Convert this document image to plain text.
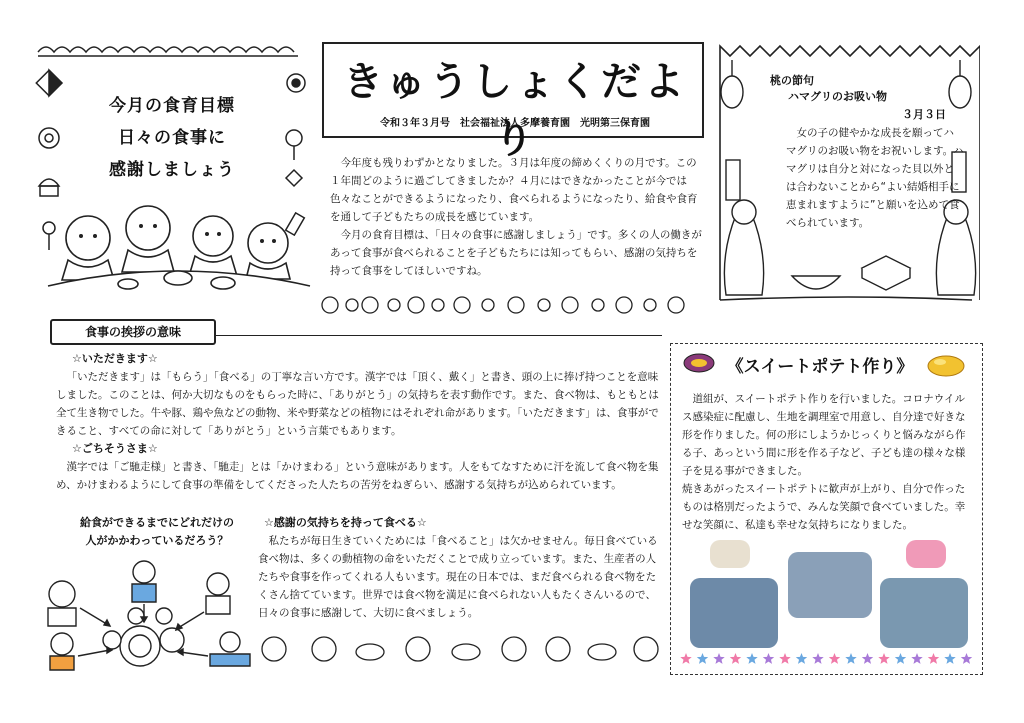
今月の食育目標
日々の食事に
感謝しましょう
きゅうしょくだより
令和３年３月号　社会福祉法人多摩養育園　光明第三保育園

今年度も残りわずかとなりました。３月は年度の締めくくりの月です。この１年間どのように過ごしてきましたか？４月にはできなかったことが今では色々なことができるようになったり、食べられるようになったり、給食や食育を通して子どもたちの成長を感じています。

今月の食育目標は、「日々の食事に感謝しましょう」です。多くの人の働きがあって食事が食べられることを子どもたちには知ってもらい、感謝の気持ちを持って食事をしてほしいですね。

桃の節句
ハマグリのお吸い物
３月３日
女の子の健やかな成長を願ってハマグリのお吸い物をお祝いします。ハマグリは自分と対になった貝以外とは合わないことから“よい結婚相手に恵まれますように”と願いを込めて食べられています。
食事の挨拶の意味
☆いただきます☆

「いただきます」は「もらう」「食べる」の丁寧な言い方です。漢字では「頂く、戴く」と書き、頭の上に捧げ持つことを意味しました。このことは、何か大切なものをもらった時に、「ありがとう」の気持ちを表す動作です。また、食べ物は、もともとは全て生き物でした。牛や豚、鶏や魚などの動物、米や野菜などの植物にはそれぞれ命があります。「いただきます」は、食事ができること、すべての命に対して「ありがとう」という言葉でもあります。

☆ごちそうさま☆

漢字では「ご馳走様」と書き、「馳走」とは「かけまわる」という意味があります。人をもてなすために汗を流して食べ物を集め、かけまわるようにして食事の準備をしてくださった人たちの苦労をねぎらい、感謝する気持ちが込められています。

給食ができるまでにどれだけの
人がかかわっているだろう？
☆感謝の気持ちを持って食べる☆

私たちが毎日生きていくためには「食べること」は欠かせません。毎日食べている食べ物は、多くの動植物の命をいただくことで成り立っています。また、生産者の人たちや食事を作ってくれる人もいます。現在の日本では、まだ食べられる食べ物をたくさん捨てています。世界では食べ物を満足に食べられない人もたくさんいるので、日々の食事に感謝して、大切に食べましょう。

《スイートポテト作り》

　道組が、スイートポテト作りを行いました。コロナウイルス感染症に配慮し、生地を調理室で用意し、自分達で好きな形を作りました。何の形にしようかじっくりと悩みながら作る子、あっという間に形を作る子など、子ども達の様々な様子を見る事ができました。

焼きあがったスイートポテトに歓声が上がり、自分で作ったものは格別だったようで、みんな笑顔で食べていました。幸せな笑顔に、私達も幸せな気持ちになりました。
